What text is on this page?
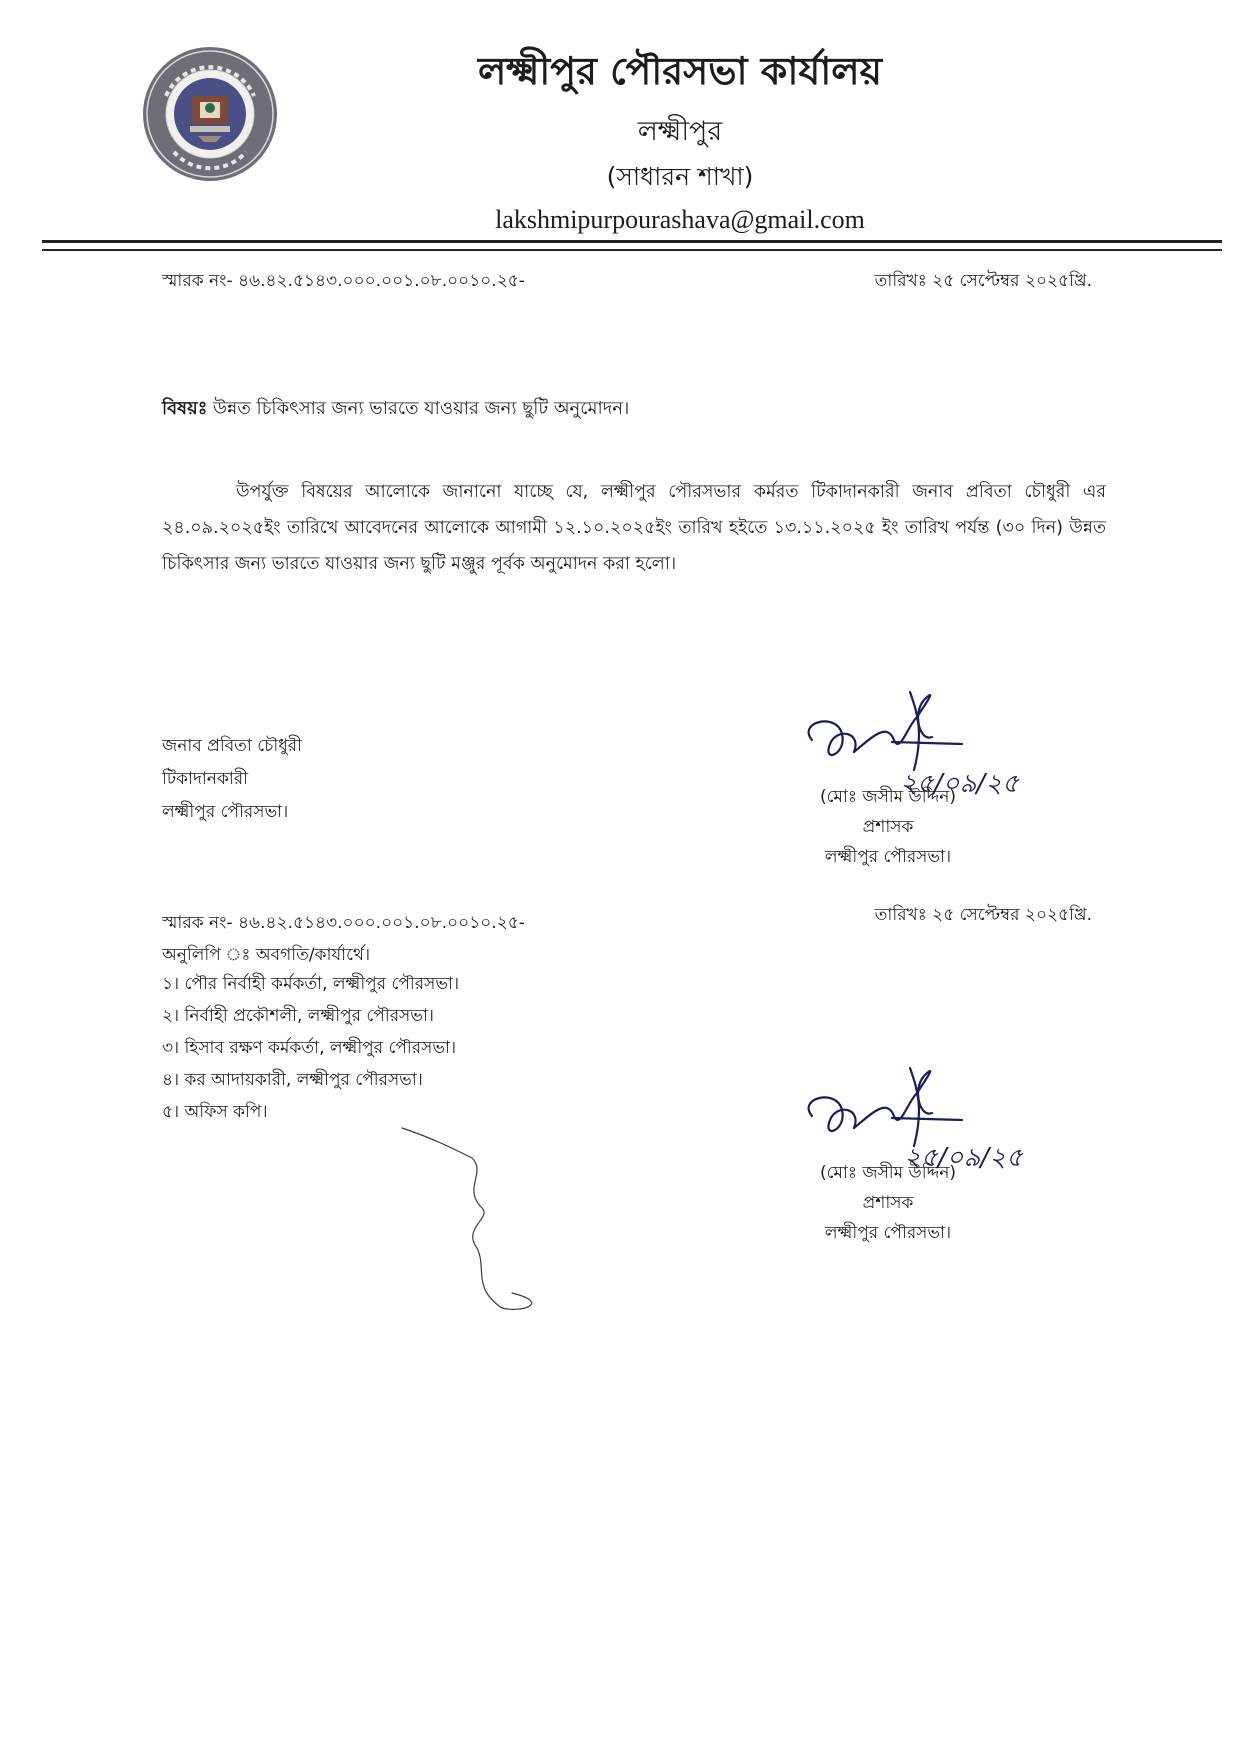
লক্ষ্মীপুর পৌরসভা কার্যালয়
লক্ষ্মীপুর
(সাধারন শাখা)
lakshmipurpourashava@gmail.com
স্মারক নং- ৪৬.৪২.৫১৪৩.০০০.০০১.০৮.০০১০.২৫-	তারিখঃ ২৫ সেপ্টেম্বর ২০২৫খ্রি.
বিষয়ঃ উন্নত চিকিৎসার জন্য ভারতে যাওয়ার জন্য ছুটি অনুমোদন।

উপর্যুক্ত বিষয়ের আলোকে জানানো যাচ্ছে যে, লক্ষ্মীপুর পৌরসভার কর্মরত টিকাদানকারী জনাব প্রবিতা চৌধুরী এর ২৪.০৯.২০২৫ইং তারিখে আবেদনের আলোকে আগামী ১২.১০.২০২৫ইং তারিখ হইতে ১৩.১১.২০২৫ ইং তারিখ পর্যন্ত (৩০ দিন) উন্নত চিকিৎসার জন্য ভারতে যাওয়ার জন্য ছুটি মঞ্জুর পূর্বক অনুমোদন করা হলো।

জনাব প্রবিতা চৌধুরী
টিকাদানকারী
লক্ষ্মীপুর পৌরসভা।
২৫/০৯/২৫
(মোঃ জসীম উদ্দিন)
প্রশাসক
লক্ষ্মীপুর পৌরসভা।
স্মারক নং- ৪৬.৪২.৫১৪৩.০০০.০০১.০৮.০০১০.২৫-	তারিখঃ ২৫ সেপ্টেম্বর ২০২৫খ্রি.
অনুলিপি ঃ অবগতি/কার্যার্থে।
১। পৌর নির্বাহী কর্মকর্তা, লক্ষ্মীপুর পৌরসভা।
২। নির্বাহী প্রকৌশলী, লক্ষ্মীপুর পৌরসভা।
৩। হিসাব রক্ষণ কর্মকর্তা, লক্ষ্মীপুর পৌরসভা।
৪। কর আদায়কারী, লক্ষ্মীপুর পৌরসভা।
৫। অফিস কপি।
২৫/০৯/২৫
(মোঃ জসীম উদ্দিন)
প্রশাসক
লক্ষ্মীপুর পৌরসভা।
